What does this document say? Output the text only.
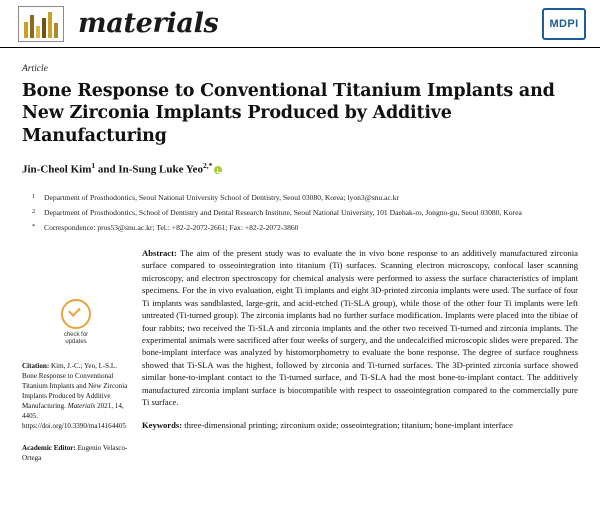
materials	MDPI
Article
Bone Response to Conventional Titanium Implants and New Zirconia Implants Produced by Additive Manufacturing
Jin-Cheol Kim$^1$ and In-Sung Luke Yeo$^{2,*}$
1	Department of Prosthodontics, Seoul National University School of Dentistry, Seoul 03080, Korea; lyon3@snu.ac.kr
2	Department of Prosthodontics, School of Dentistry and Dental Research Institute, Seoul National University, 101 Daehak-ro, Jongno-gu, Seoul 03080, Korea
*	Correspondence: pros53@snu.ac.kr; Tel.: +82-2-2072-2661; Fax: +82-2-2072-3860
check for
updates
Citation: Kim, J.-C.; Yeo, I.-S.L. Bone Response to Conventional Titanium Implants and New Zirconia Implants Produced by Additive Manufacturing. Materials 2021, 14, 4405. https://doi.org/10.3390/ma14164405
Academic Editor: Eugenio Velasco-Ortega
Abstract: The aim of the present study was to evaluate the in vivo bone response to an additively manufactured zirconia surface compared to osseointegration into titanium (Ti) surfaces. Scanning electron microscopy, confocal laser scanning microscopy, and electron spectroscopy for chemical analysis were performed to assess the surface characteristics of implant specimens. For the in vivo evaluation, eight Ti implants and eight 3D-printed zirconia implants were used. The surface of four Ti implants was sandblasted, large-grit, and acid-etched (Ti-SLA group), while those of the other four Ti implants were left untreated (Ti-turned group). The zirconia implants had no further surface modification. Implants were placed into the tibiae of four rabbits; two received the Ti-SLA and zirconia implants and the other two received Ti-turned and zirconia implants. The experimental animals were sacrificed after four weeks of surgery, and the undecalcified microscopic slides were prepared. The bone-implant interface was analyzed by histomorphometry to evaluate the bone response. The degree of surface roughness showed that Ti-SLA was the highest, followed by zirconia and Ti-turned surfaces. The 3D-printed zirconia surface showed similar bone-to-implant contact to the Ti-turned surface, and Ti-SLA had the most bone-to-implant contact. The additively manufactured zirconia implant surface is biocompatible with respect to osseointegration compared to the commercially pure Ti surface.
Keywords: three-dimensional printing; zirconium oxide; osseointegration; titanium; bone-implant interface
